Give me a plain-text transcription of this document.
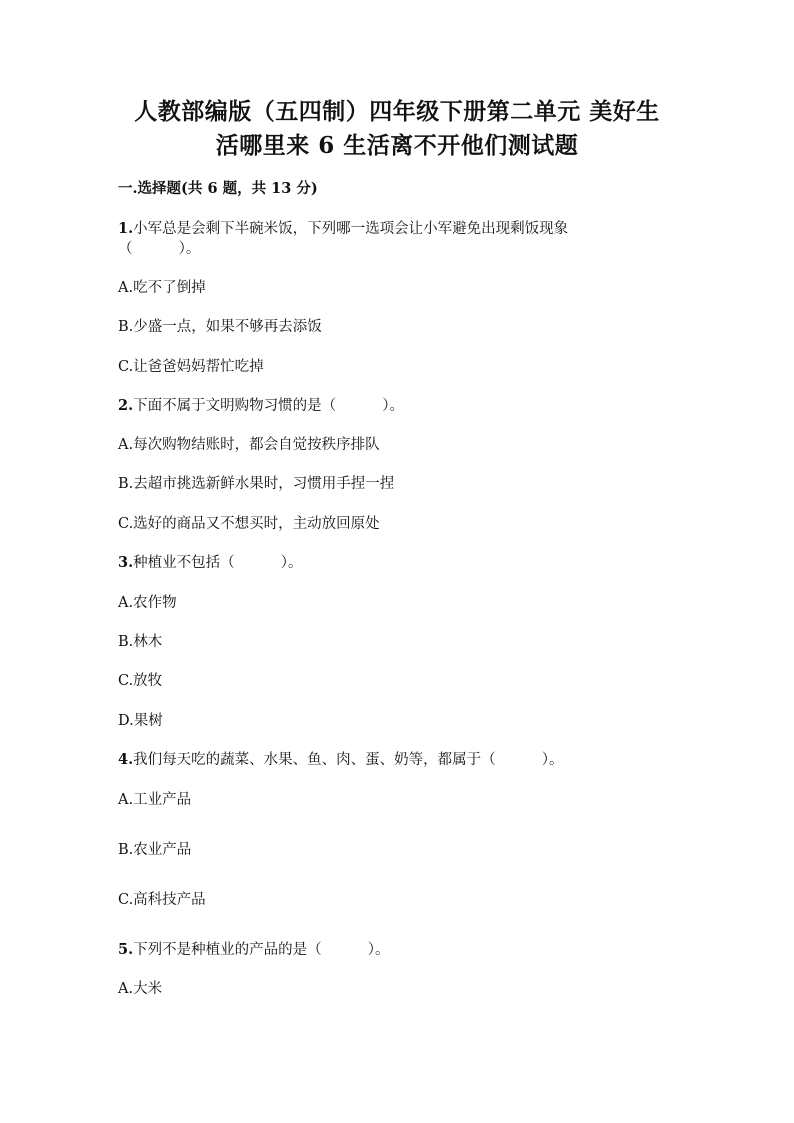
人教部编版（五四制）四年级下册第二单元 美好生
活哪里来 6 生活离不开他们测试题
一.选择题(共 6 题，共 13 分)
1.小军总是会剩下半碗米饭，下列哪一选项会让小军避免出现剩饭现象
（          ）。
A.吃不了倒掉
B.少盛一点，如果不够再去添饭
C.让爸爸妈妈帮忙吃掉
2.下面不属于文明购物习惯的是（          ）。
A.每次购物结账时，都会自觉按秩序排队
B.去超市挑选新鲜水果时，习惯用手捏一捏
C.选好的商品又不想买时，主动放回原处
3.种植业不包括（          ）。
A.农作物
B.林木
C.放牧
D.果树
4.我们每天吃的蔬菜、水果、鱼、肉、蛋、奶等，都属于（          ）。
A.工业产品
B.农业产品
C.高科技产品
5.下列不是种植业的产品的是（          ）。
A.大米
